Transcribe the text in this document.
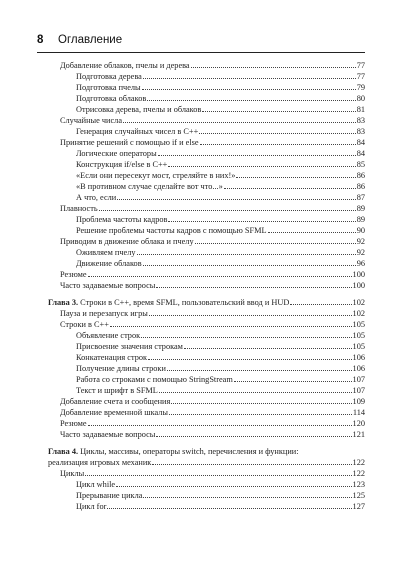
8 Оглавление
Добавление облаков, пчелы и дерева	77
Подготовка дерева	77
Подготовка пчелы	79
Подготовка облаков	80
Отрисовка дерева, пчелы и облаков	81
Случайные числа	83
Генерация случайных чисел в C++	83
Принятие решений с помощью if и else	84
Логические операторы	84
Конструкция if/else в C++	85
«Если они пересекут мост, стреляйте в них!»	86
«В противном случае сделайте вот что...»	86
А что, если	87
Плавность	89
Проблема частоты кадров	89
Решение проблемы частоты кадров с помощью SFML	90
Приводим в движение облака и пчелу	92
Оживляем пчелу	92
Движение облаков	96
Резюме	100
Часто задаваемые вопросы	100
Глава 3. Строки в C++, время SFML, пользовательский ввод и HUD	102
Пауза и перезапуск игры	102
Строки в C++	105
Объявление строк	105
Присвоение значения строкам	105
Конкатенация строк	106
Получение длины строки	106
Работа со строками с помощью StringStream	107
Текст и шрифт в SFML	107
Добавление счета и сообщения	109
Добавление временной шкалы	114
Резюме	120
Часто задаваемые вопросы	121
Глава 4. Циклы, массивы, операторы switch, перечисления и функции:
реализация игровых механик	122
Циклы	122
Цикл while	123
Прерывание цикла	125
Цикл for	127
